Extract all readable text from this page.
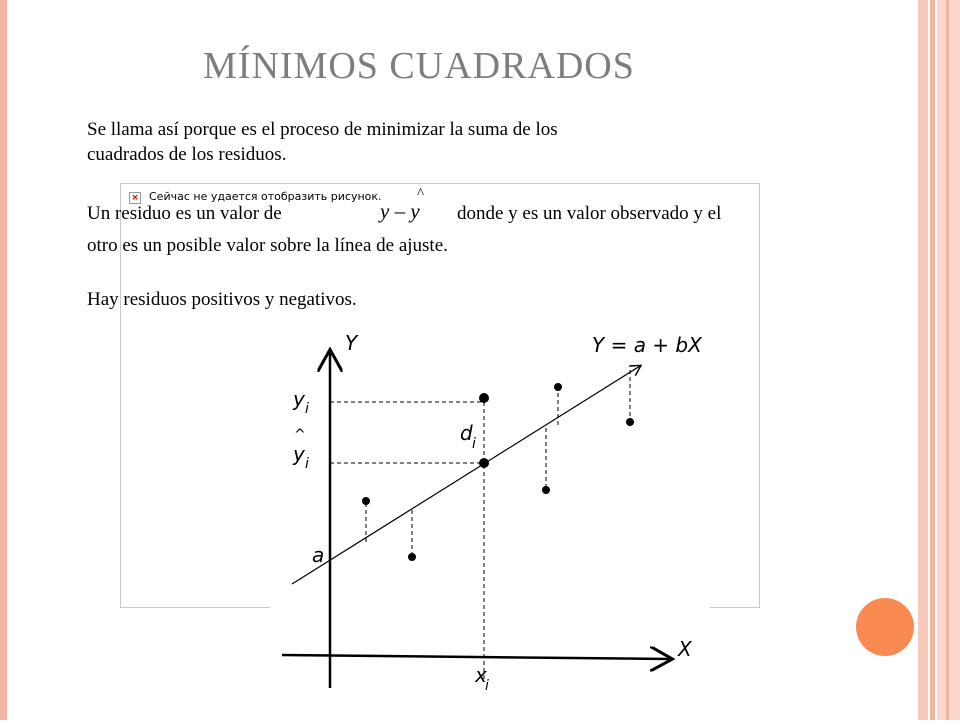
MÍNIMOS CUADRADOS
× Сейчас не удается отобразить рисунок.
Se llama así porque es el proceso de minimizar la suma de los
cuadrados de los residuos.
Un residuo es un valor de	y – y
^
donde y es un valor observado y el
otro es un posible valor sobre la línea de ajuste.
Hay residuos positivos y negativos.
Y
X
Y = a + bX
y i
^
y i
d i
a
x
i
